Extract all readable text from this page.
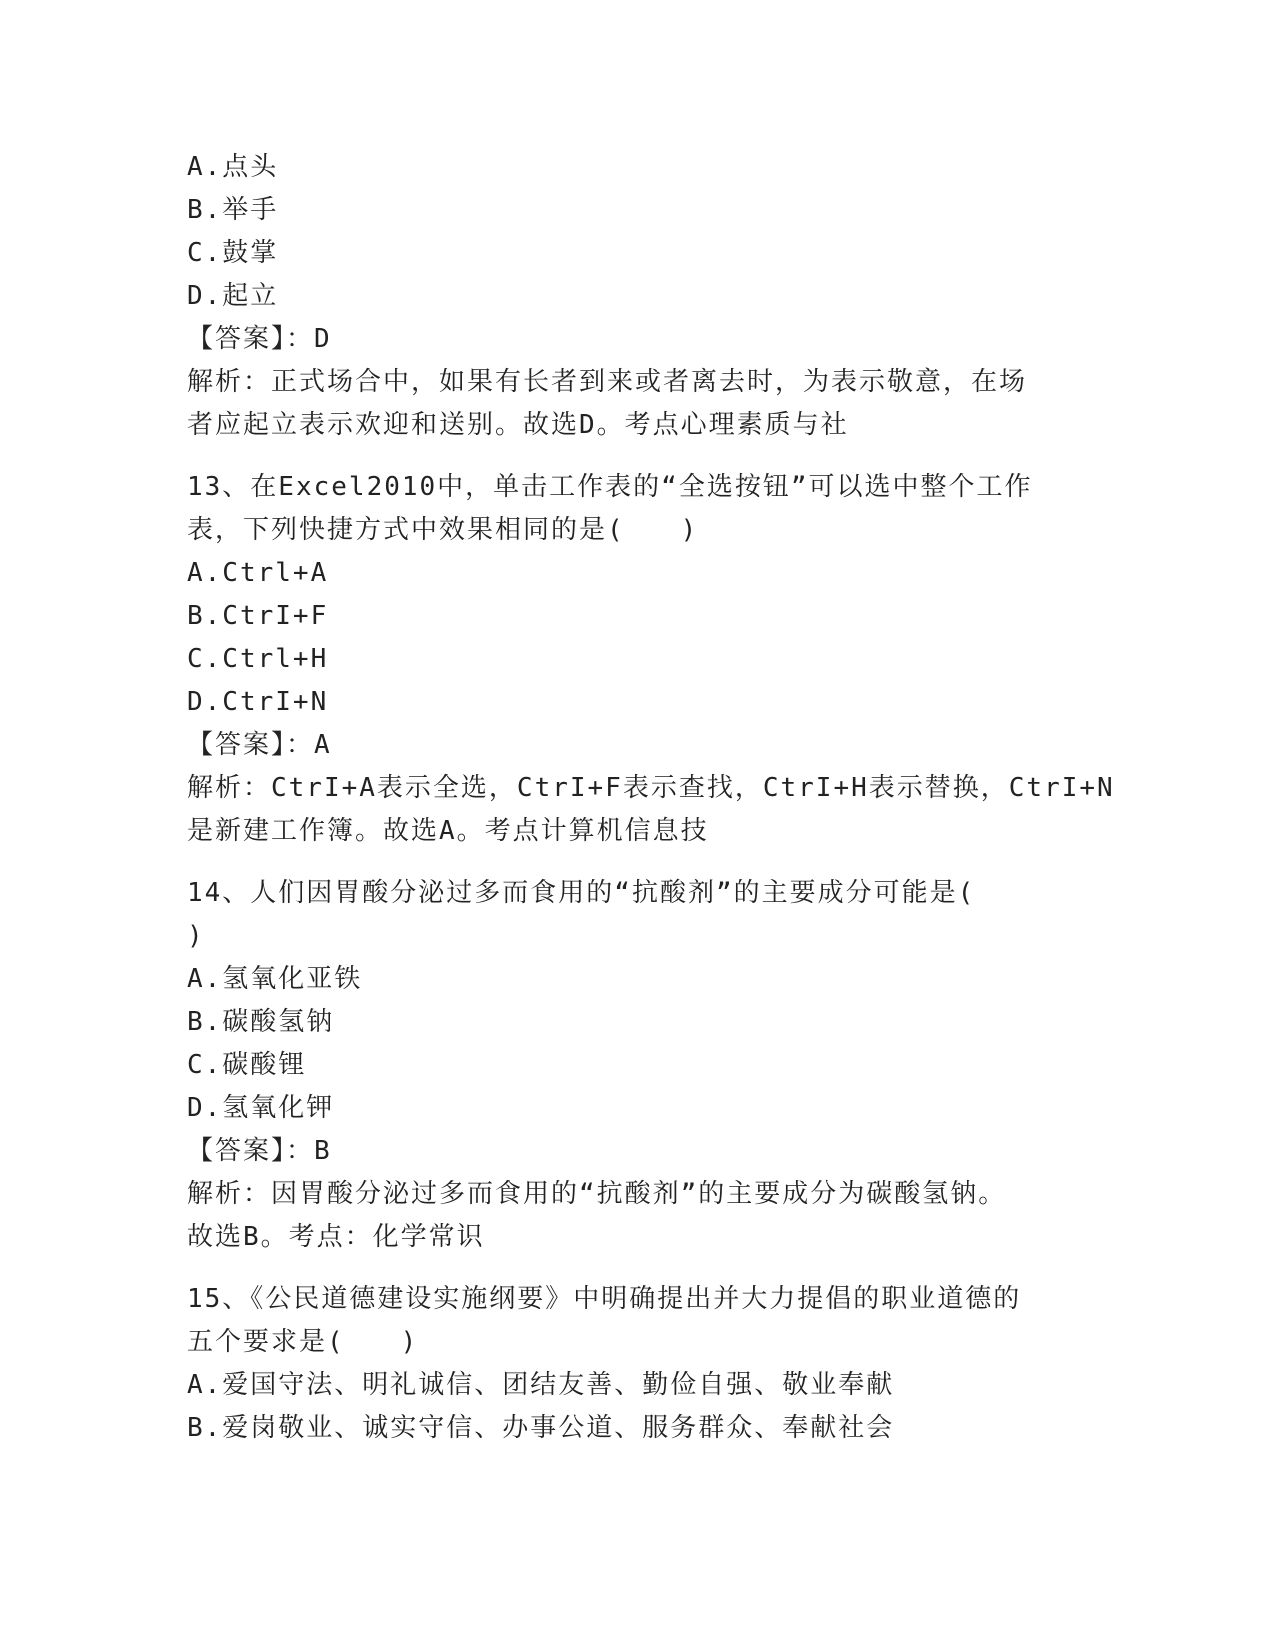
A.点头
B.举手
C.鼓掌
D.起立
【答案】：D
解析：正式场合中，如果有长者到来或者离去时，为表示敬意，在场
者应起立表示欢迎和送别。故选D。考点心理素质与社
13、在Excel2010中，单击工作表的“全选按钮”可以选中整个工作
表，下列快捷方式中效果相同的是(　　)
A.Ctrl+A
B.CtrI+F
C.Ctrl+H
D.CtrI+N
【答案】：A
解析：CtrI+A表示全选，CtrI+F表示查找，CtrI+H表示替换，CtrI+N
是新建工作簿。故选A。考点计算机信息技
14、人们因胃酸分泌过多而食用的“抗酸剂”的主要成分可能是(
)
A.氢氧化亚铁
B.碳酸氢钠
C.碳酸锂
D.氢氧化钾
【答案】：B
解析：因胃酸分泌过多而食用的“抗酸剂”的主要成分为碳酸氢钠。
故选B。考点：化学常识
15、《公民道德建设实施纲要》中明确提出并大力提倡的职业道德的
五个要求是(　　)
A.爱国守法、明礼诚信、团结友善、勤俭自强、敬业奉献
B.爱岗敬业、诚实守信、办事公道、服务群众、奉献社会
